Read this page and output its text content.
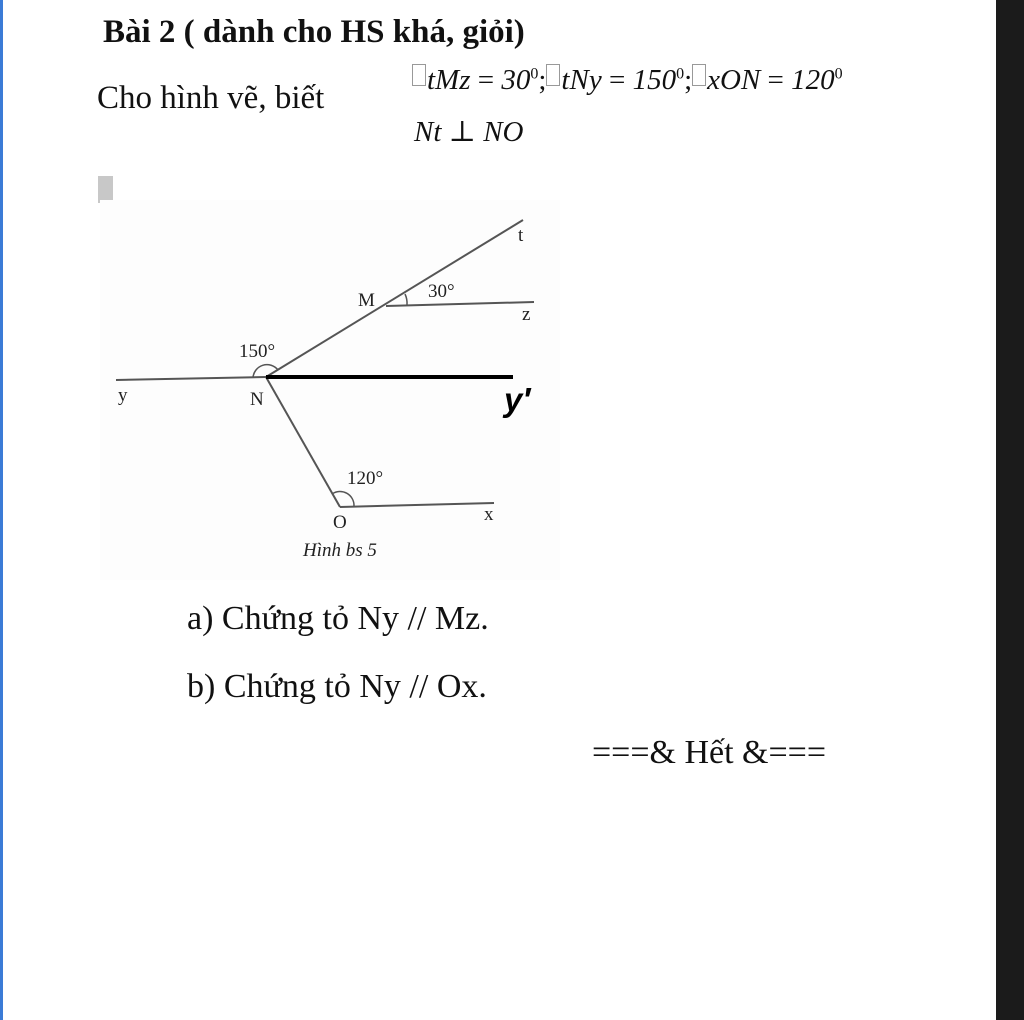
Bài 2 ( dành cho HS khá, giỏi)
Cho hình vẽ, biết	tMz = $30^0$; tNy = $150^0$; xON = $120^0$
Nt ⊥ NO
M
N
O
t
z
y
x
30°
150°
120°
y′
Hình bs 5
a) Chứng tỏ Ny // Mz.
b) Chứng tỏ Ny // Ox.
===& Hết &===
